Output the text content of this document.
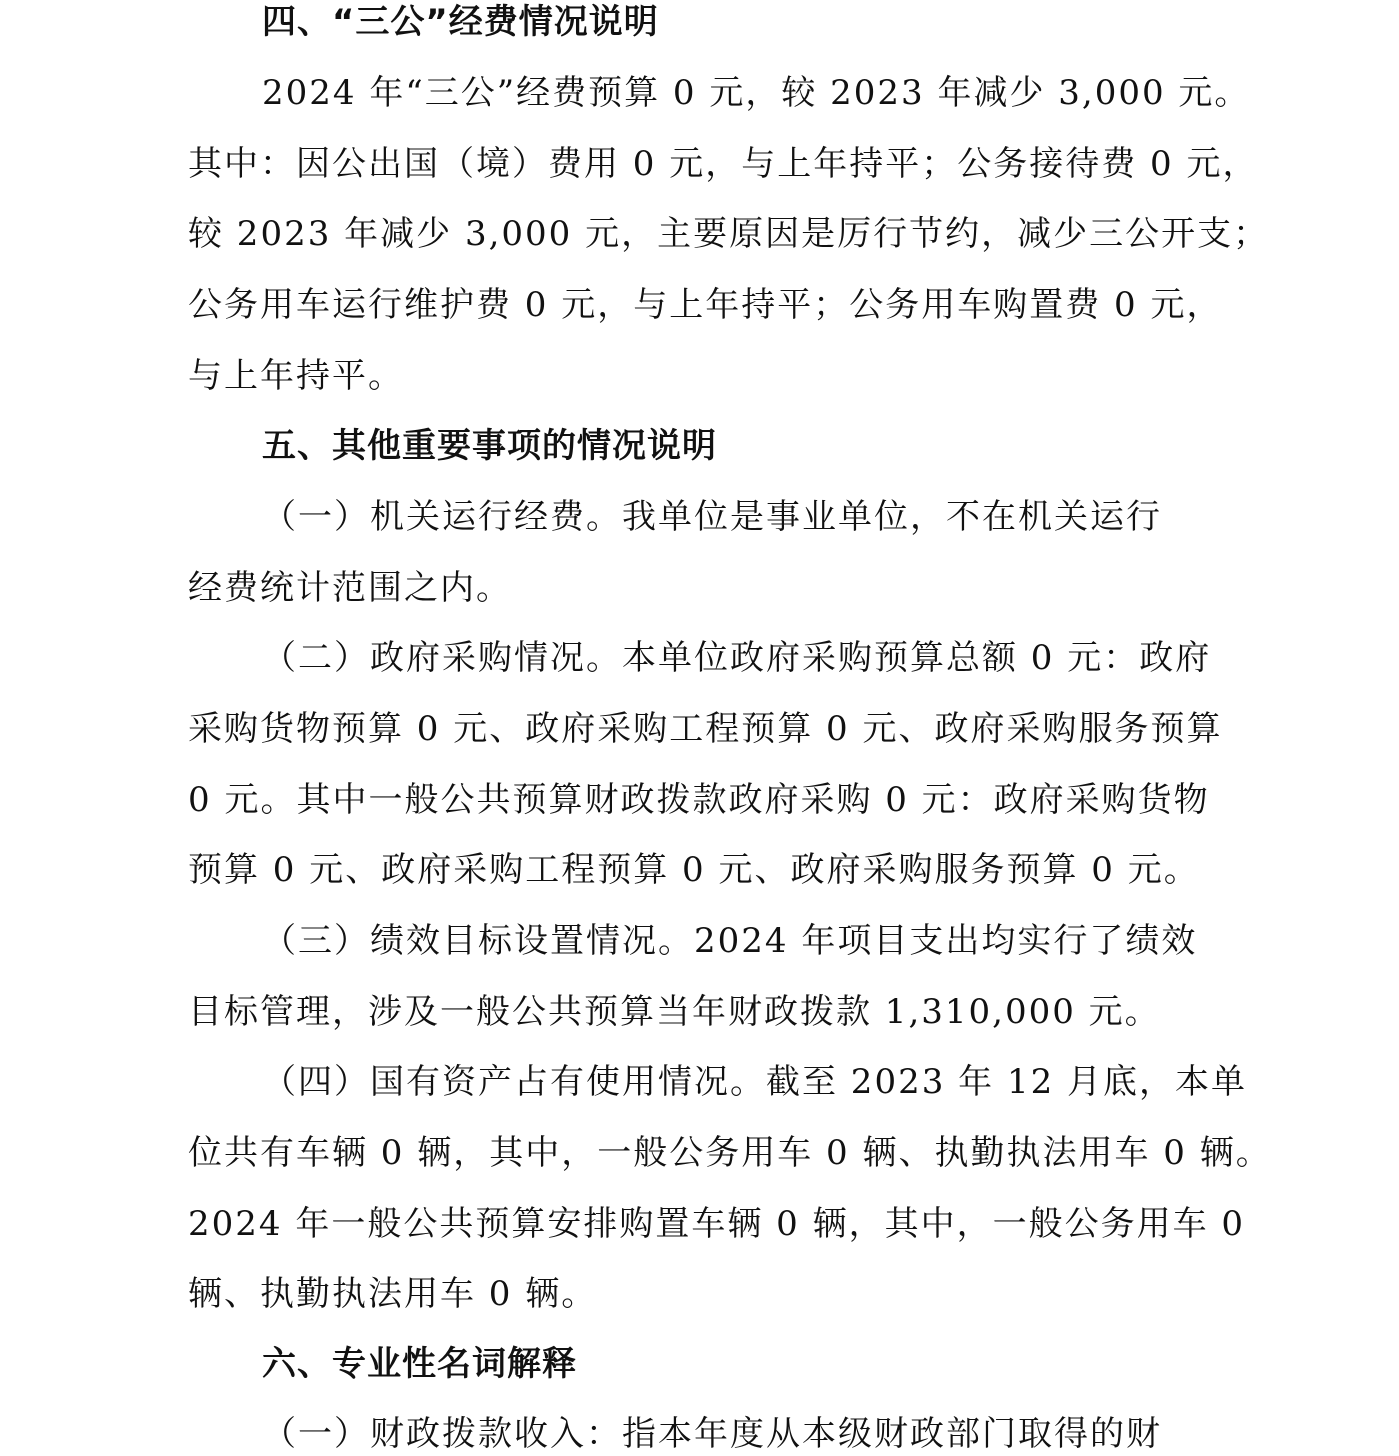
四、“三公”经费情况说明
2024 年“三公”经费预算 0 元，较 2023 年减少 3,000 元。
其中：因公出国（境）费用 0 元，与上年持平；公务接待费 0 元，
较 2023 年减少 3,000 元，主要原因是厉行节约，减少三公开支；
公务用车运行维护费 0 元，与上年持平；公务用车购置费 0 元，
与上年持平。
五、其他重要事项的情况说明
（一）机关运行经费。我单位是事业单位，不在机关运行
经费统计范围之内。
（二）政府采购情况。本单位政府采购预算总额 0 元：政府
采购货物预算 0 元、政府采购工程预算 0 元、政府采购服务预算
0 元。其中一般公共预算财政拨款政府采购 0 元：政府采购货物
预算 0 元、政府采购工程预算 0 元、政府采购服务预算 0 元。
（三）绩效目标设置情况。2024 年项目支出均实行了绩效
目标管理，涉及一般公共预算当年财政拨款 1,310,000 元。
（四）国有资产占有使用情况。截至 2023 年 12 月底，本单
位共有车辆 0 辆，其中，一般公务用车 0 辆、执勤执法用车 0 辆。
2024 年一般公共预算安排购置车辆 0 辆，其中，一般公务用车 0
辆、执勤执法用车 0 辆。
六、专业性名词解释
（一）财政拨款收入：指本年度从本级财政部门取得的财
